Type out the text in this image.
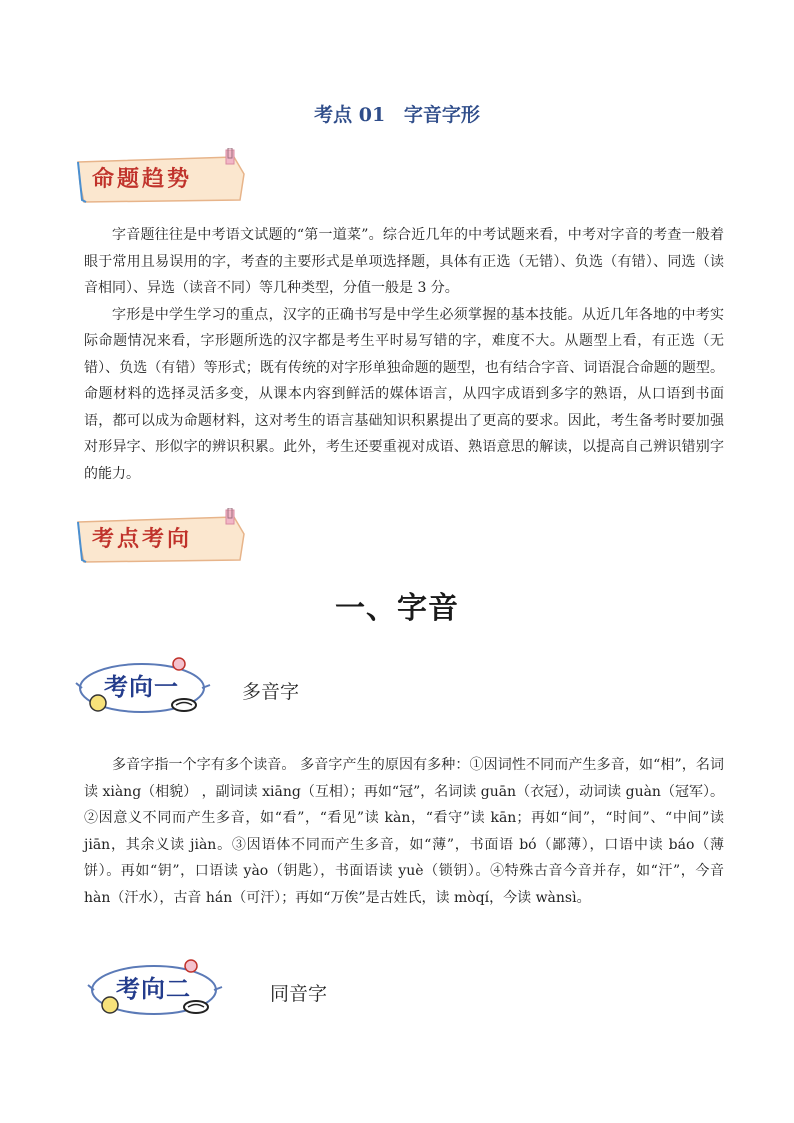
考点 01 字音字形
命题趋势

字音题往往是中考语文试题的“第一道菜”。综合近几年的中考试题来看，中考对字音的考查一般着眼于常用且易误用的字，考查的主要形式是单项选择题，具体有正选（无错）、负选（有错）、同选（读音相同）、异选（读音不同）等几种类型，分值一般是 3 分。

字形是中学生学习的重点，汉字的正确书写是中学生必须掌握的基本技能。从近几年各地的中考实际命题情况来看，字形题所选的汉字都是考生平时易写错的字，难度不大。从题型上看，有正选（无错）、负选（有错）等形式；既有传统的对字形单独命题的题型，也有结合字音、词语混合命题的题型。命题材料的选择灵活多变，从课本内容到鲜活的媒体语言，从四字成语到多字的熟语，从口语到书面语，都可以成为命题材料，这对考生的语言基础知识积累提出了更高的要求。因此，考生备考时要加强对形异字、形似字的辨识积累。此外，考生还要重视对成语、熟语意思的解读，以提高自己辨识错别字的能力。

考点考向
一、字音
考向一	多音字

多音字指一个字有多个读音。 多音字产生的原因有多种：①因词性不同而产生多音，如“相”，名词读 xiàng（相貌） ，副词读 xiāng（互相）；再如“冠”，名词读 guān（衣冠），动词读 guàn（冠军）。②因意义不同而产生多音，如“看”，“看见”读 kàn，“看守”读 kān；再如“间”，“时间”、“中间”读 jiān，其余义读 jiàn。③因语体不同而产生多音，如“薄”，书面语 bó（鄙薄），口语中读 báo（薄饼）。再如“钥”，口语读 yào（钥匙），书面语读 yuè（锁钥）。④特殊古音今音并存，如“汗”，今音 hàn（汗水），古音 hán（可汗）；再如“万俟”是古姓氏，读 mòqí，今读 wànsì。

考向二	同音字
